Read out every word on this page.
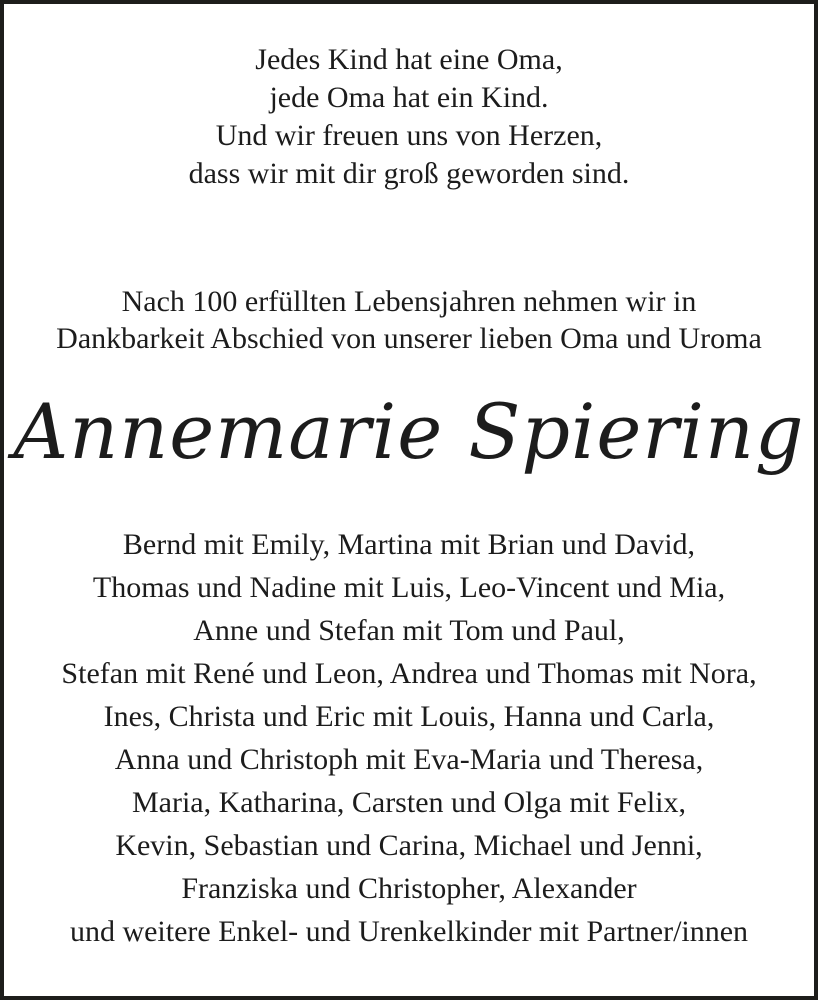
Jedes Kind hat eine Oma,
jede Oma hat ein Kind.
Und wir freuen uns von Herzen,
dass wir mit dir groß geworden sind.
Nach 100 erfüllten Lebensjahren nehmen wir in
Dankbarkeit Abschied von unserer lieben Oma und Uroma
Annemarie Spiering
Bernd mit Emily, Martina mit Brian und David,
Thomas und Nadine mit Luis, Leo-Vincent und Mia,
Anne und Stefan mit Tom und Paul,
Stefan mit René und Leon, Andrea und Thomas mit Nora,
Ines, Christa und Eric mit Louis, Hanna und Carla,
Anna und Christoph mit Eva-Maria und Theresa,
Maria, Katharina, Carsten und Olga mit Felix,
Kevin, Sebastian und Carina, Michael und Jenni,
Franziska und Christopher, Alexander
und weitere Enkel- und Urenkelkinder mit Partner/innen
